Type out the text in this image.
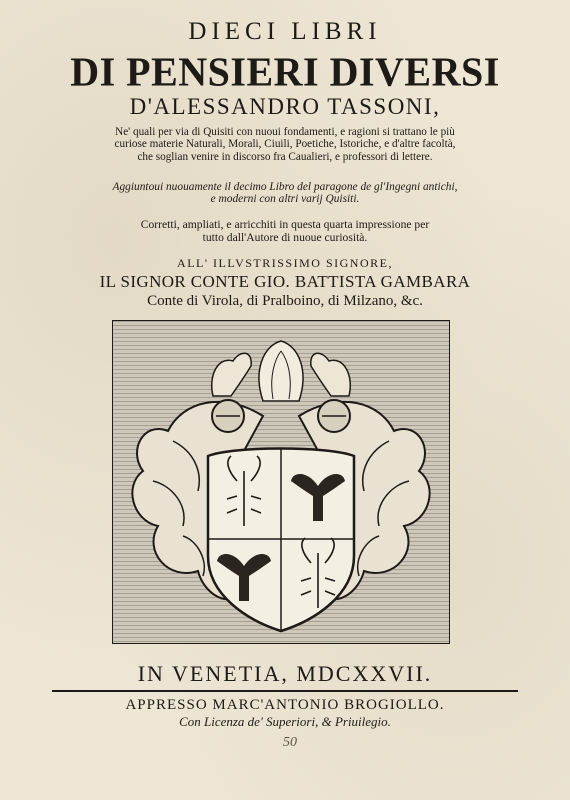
DIECI LIBRI
DI PENSIERI DIVERSI
D'ALESSANDRO TASSONI,
Ne' quali per via di Quisiti con nuoui fondamenti, e ragioni si trattano le più
curiose materie Naturali, Morali, Ciuili, Poetiche, Istoriche, e d'altre facoltà,
che soglian venire in discorso fra Caualieri, e professori di lettere.
Aggiuntoui nuouamente il decimo Libro del paragone de gl'Ingegni antichi,
e moderni con altri varij Quisiti.
Corretti, ampliati, e arricchiti in questa quarta impressione per
tutto dall'Autore di nuoue curiosità.
ALL' ILLVSTRISSIMO SIGNORE,
IL SIGNOR CONTE GIO. BATTISTA GAMBARA
Conte di Virola, di Pralboino, di Milzano, &c.
IN VENETIA, MDCXXVII.
APPRESSO MARC'ANTONIO BROGIOLLO.
Con Licenza de' Superiori, & Priuilegio.
50
